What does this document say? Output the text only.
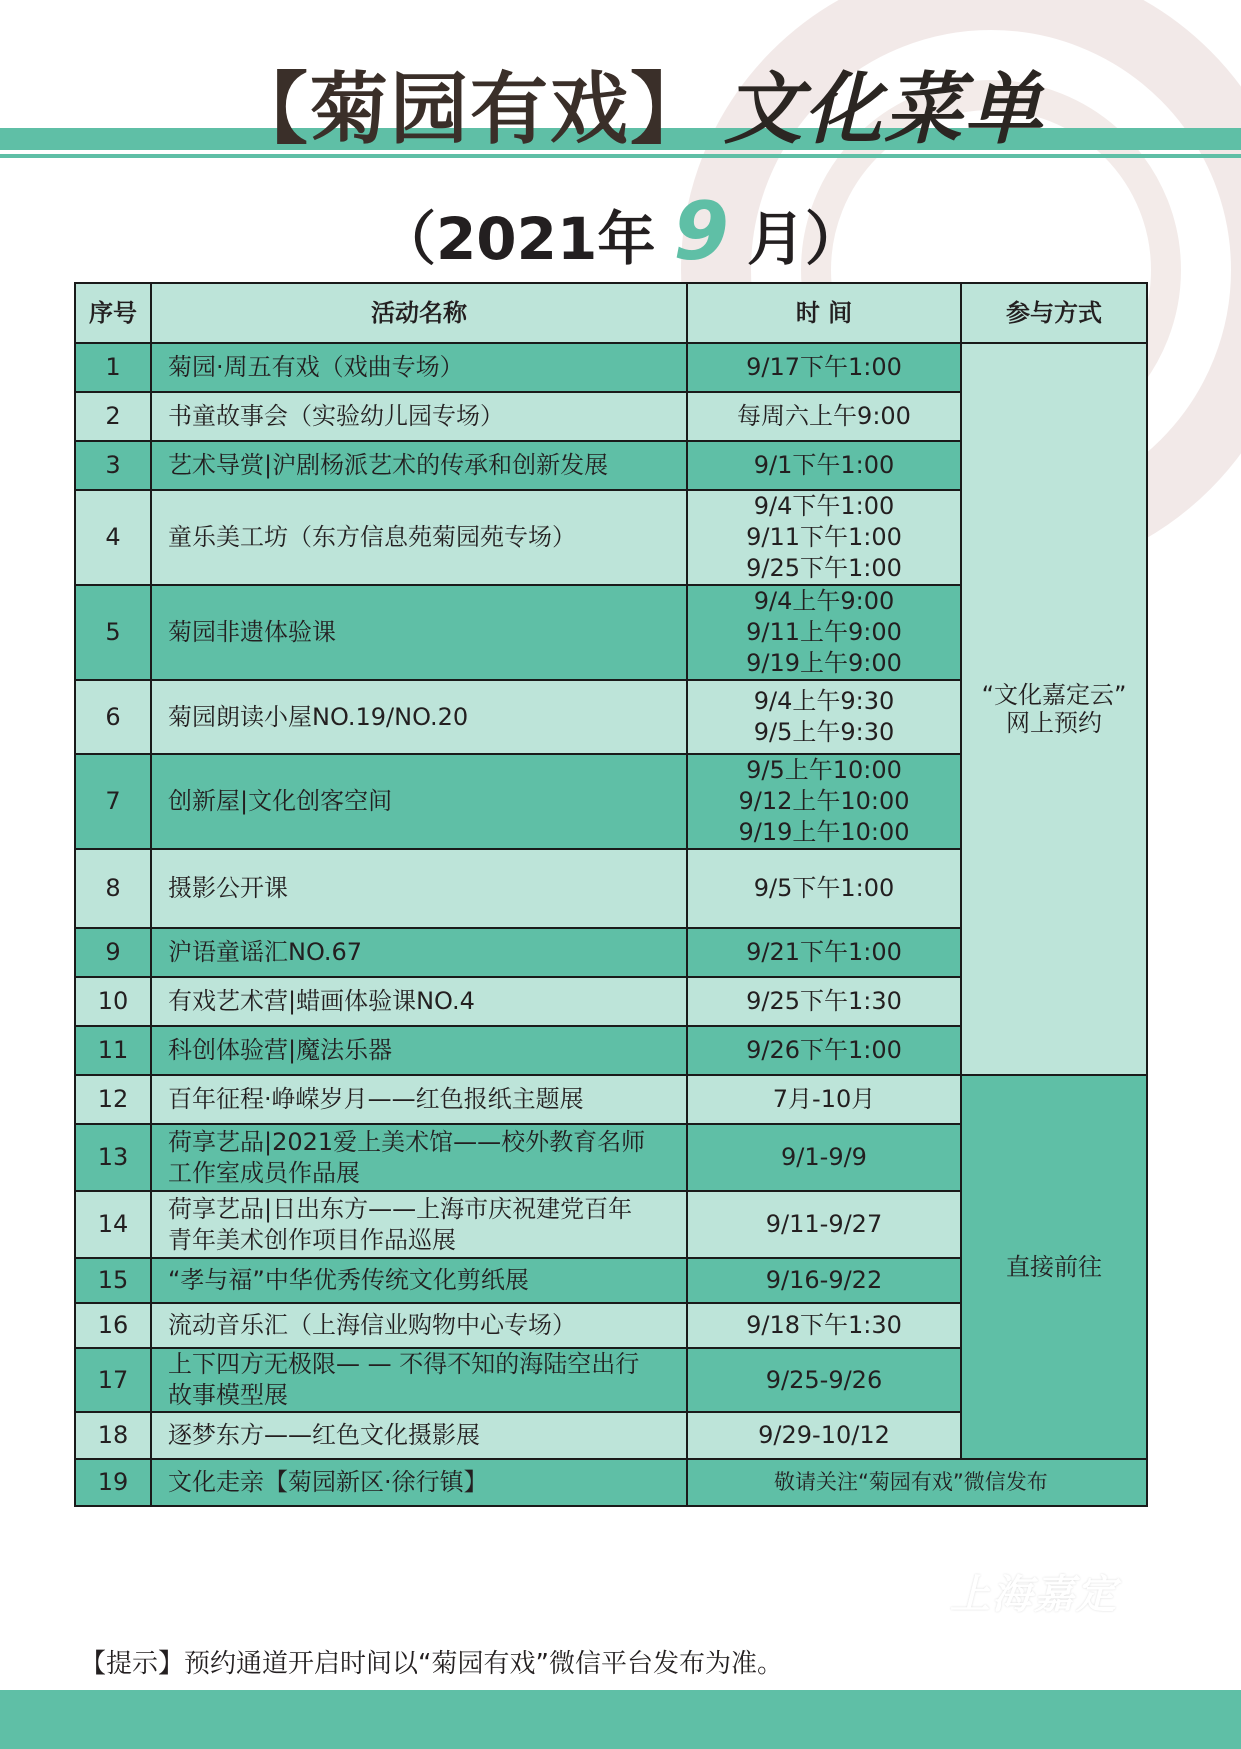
【菊园有戏】 文化菜单
（2021年 9 月）
序号	活动名称	时 间	参与方式
1	菊园·周五有戏（戏曲专场）	9/17下午1:00	“文化嘉定云”
网上预约

2	书童故事会（实验幼儿园专场）	每周六上午9:00	

3	艺术导赏|沪剧杨派艺术的传承和创新发展	9/1下午1:00	

4	童乐美工坊（东方信息苑菊园苑专场）	9/4下午1:00
9/11下午1:00
9/25下午1:00	

5	菊园非遗体验课	9/4上午9:00
9/11上午9:00
9/19上午9:00	

6	菊园朗读小屋NO.19/NO.20	9/4上午9:30
9/5上午9:30	

7	创新屋|文化创客空间	9/5上午10:00
9/12上午10:00
9/19上午10:00	

8	摄影公开课	9/5下午1:00	

9	沪语童谣汇NO.67	9/21下午1:00	

10	有戏艺术营|蜡画体验课NO.4	9/25下午1:30	

11	科创体验营|魔法乐器	9/26下午1:00	

12	百年征程·峥嵘岁月——红色报纸主题展	7月-10月	直接前往
13	荷享艺品|2021爱上美术馆——校外教育名师
工作室成员作品展	9/1-9/9	

14	荷享艺品|日出东方——上海市庆祝建党百年
青年美术创作项目作品巡展	9/11-9/27	

15	“孝与福”中华优秀传统文化剪纸展	9/16-9/22	

16	流动音乐汇（上海信业购物中心专场）	9/18下午1:30	

17	上下四方无极限— — 不得不知的海陆空出行
故事模型展	9/25-9/26	

18	逐梦东方——红色文化摄影展	9/29-10/12	

19	文化走亲【菊园新区·徐行镇】	敬请关注“菊园有戏”微信发布	
【提示】预约通道开启时间以“菊园有戏”微信平台发布为准。
上海嘉定
